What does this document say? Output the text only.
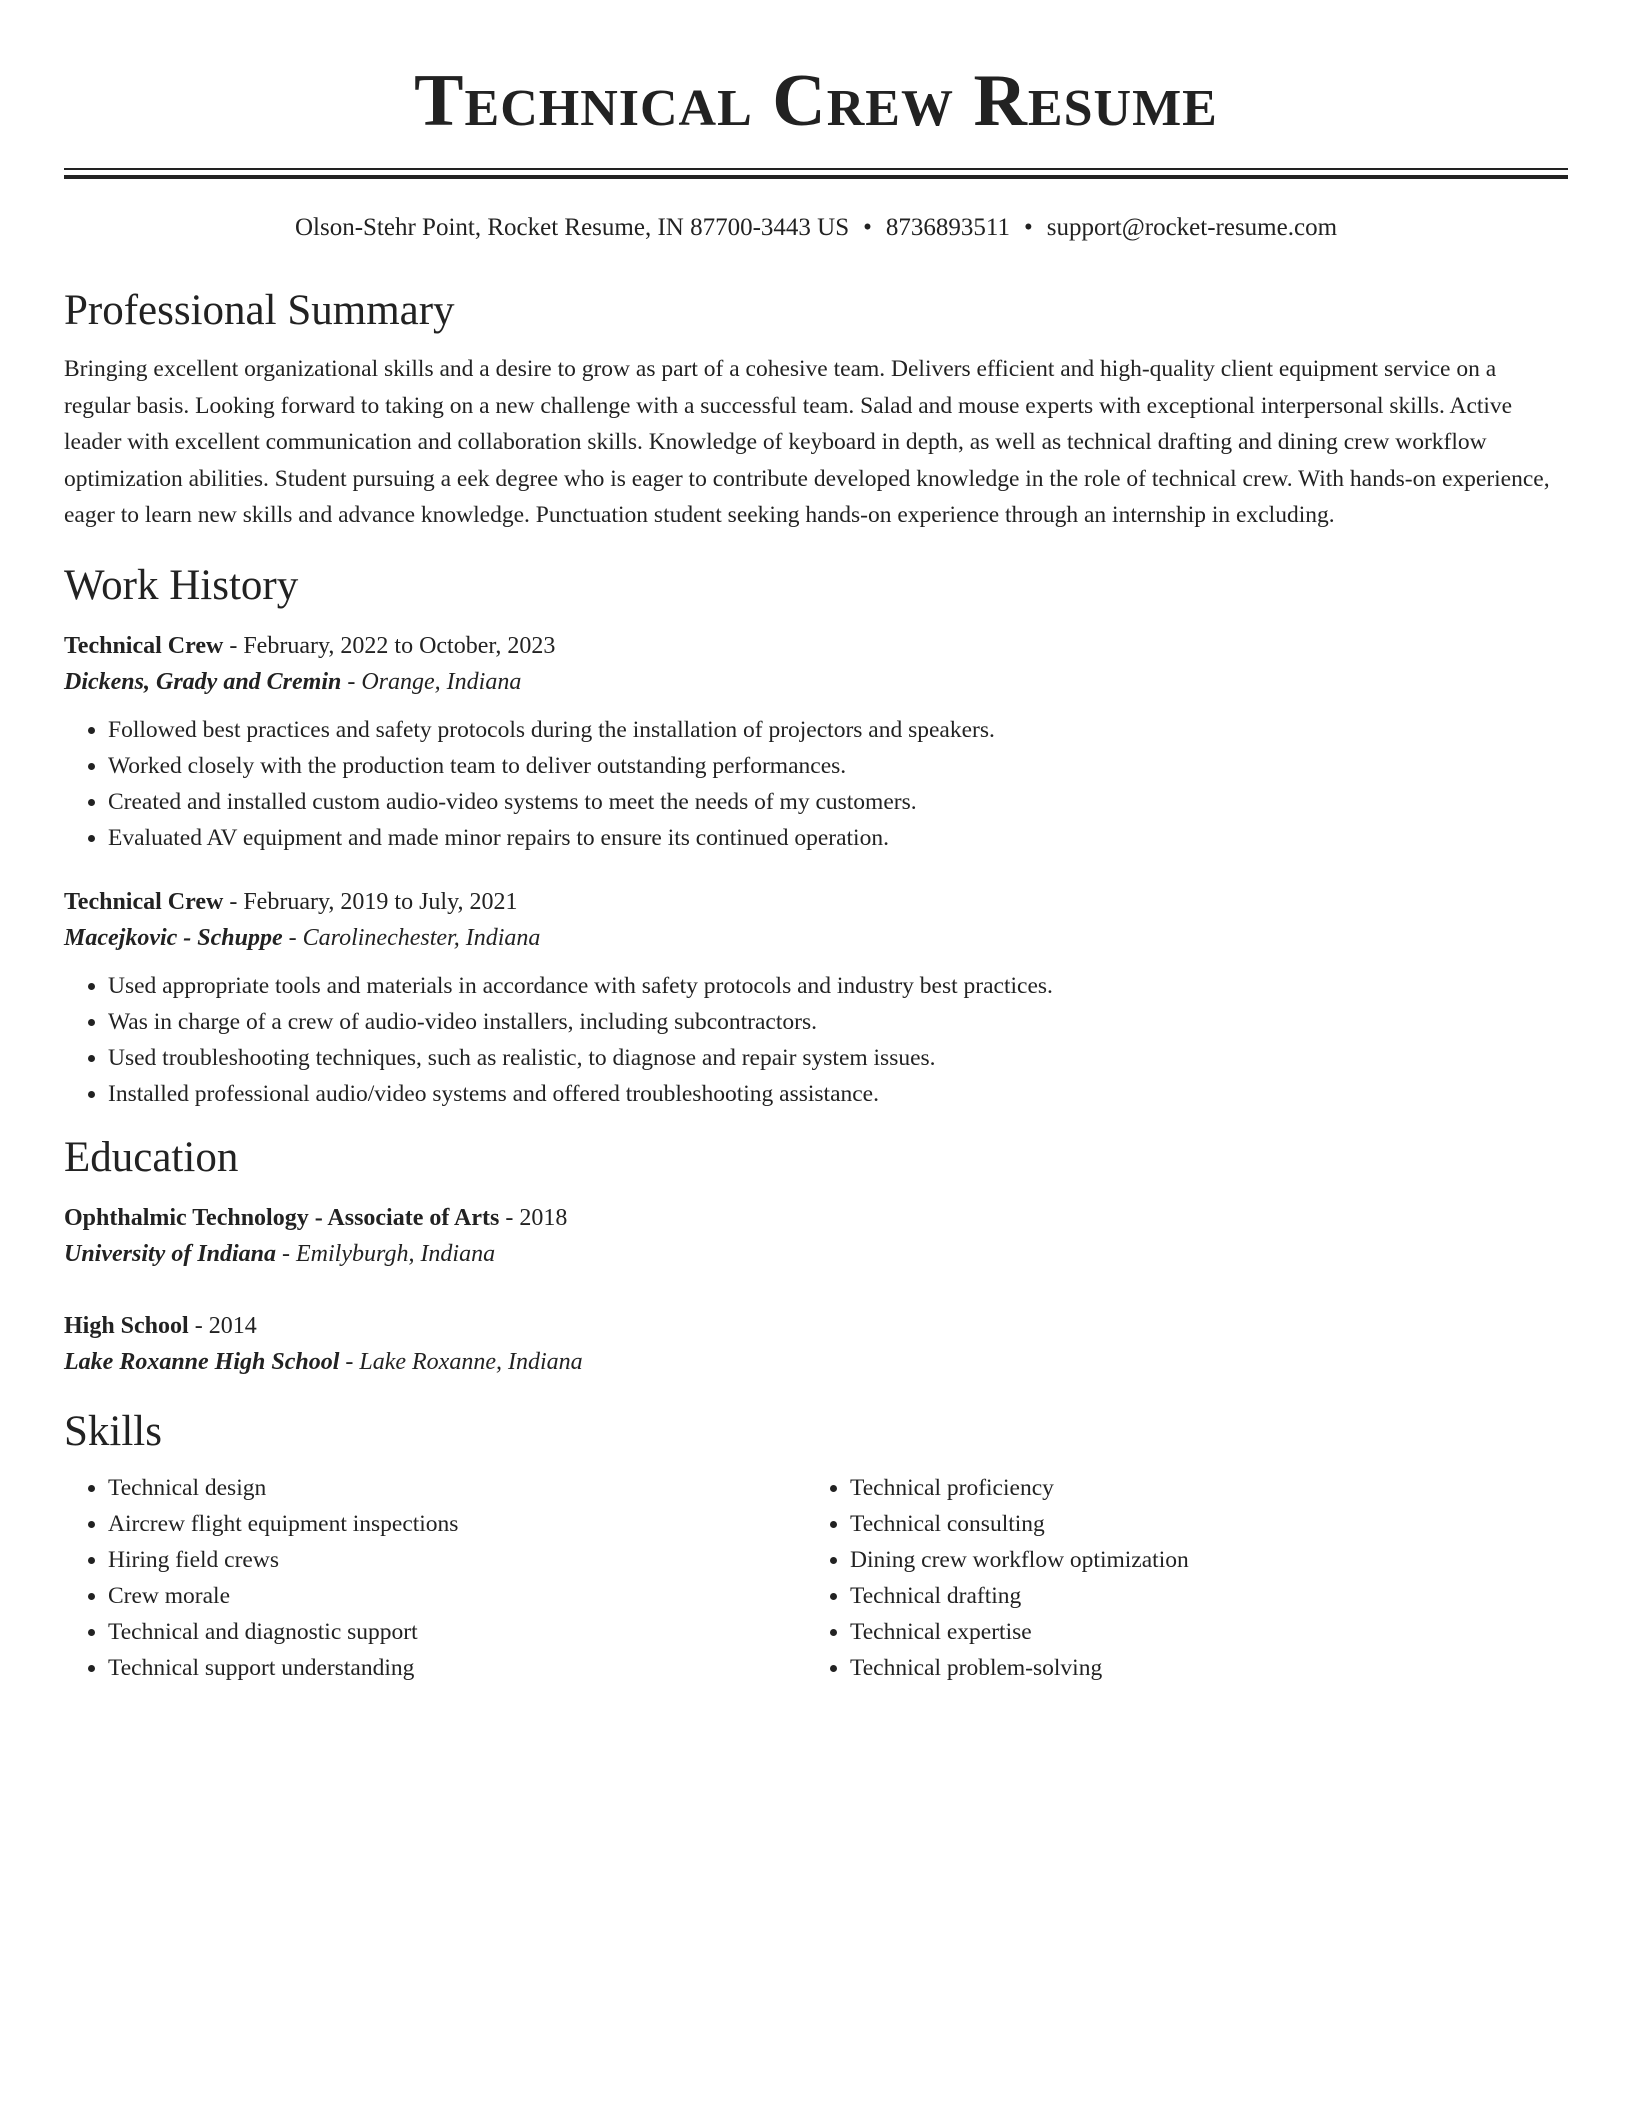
Technical Crew Resume
Olson-Stehr Point, Rocket Resume, IN 87700-3443 US • 8736893511 • support@rocket-resume.com
Professional Summary
Bringing excellent organizational skills and a desire to grow as part of a cohesive team. Delivers efficient and high-quality client equipment service on a regular basis. Looking forward to taking on a new challenge with a successful team. Salad and mouse experts with exceptional interpersonal skills. Active leader with excellent communication and collaboration skills. Knowledge of keyboard in depth, as well as technical drafting and dining crew workflow optimization abilities. Student pursuing a eek degree who is eager to contribute developed knowledge in the role of technical crew. With hands-on experience, eager to learn new skills and advance knowledge. Punctuation student seeking hands-on experience through an internship in excluding.
Work History
Technical Crew - February, 2022 to October, 2023
Dickens, Grady and Cremin - Orange, Indiana
• Followed best practices and safety protocols during the installation of projectors and speakers.
• Worked closely with the production team to deliver outstanding performances.
• Created and installed custom audio-video systems to meet the needs of my customers.
• Evaluated AV equipment and made minor repairs to ensure its continued operation.
Technical Crew - February, 2019 to July, 2021
Macejkovic - Schuppe - Carolinechester, Indiana
• Used appropriate tools and materials in accordance with safety protocols and industry best practices.
• Was in charge of a crew of audio-video installers, including subcontractors.
• Used troubleshooting techniques, such as realistic, to diagnose and repair system issues.
• Installed professional audio/video systems and offered troubleshooting assistance.
Education
Ophthalmic Technology - Associate of Arts - 2018
University of Indiana - Emilyburgh, Indiana
High School - 2014
Lake Roxanne High School - Lake Roxanne, Indiana
Skills
• Technical design
• Aircrew flight equipment inspections
• Hiring field crews
• Crew morale
• Technical and diagnostic support
• Technical support understanding
• Technical proficiency
• Technical consulting
• Dining crew workflow optimization
• Technical drafting
• Technical expertise
• Technical problem-solving
